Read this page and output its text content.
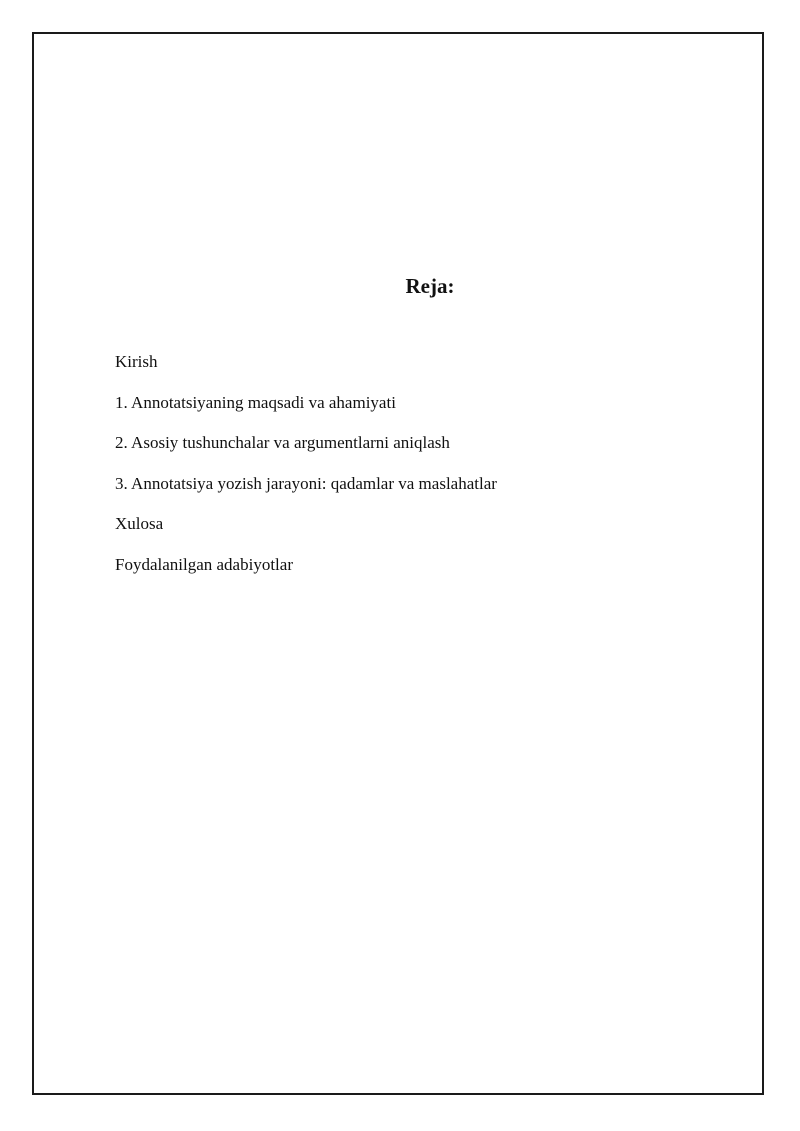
Reja:
Kirish
1. Annotatsiyaning maqsadi va ahamiyati
2. Asosiy tushunchalar va argumentlarni aniqlash
3. Annotatsiya yozish jarayoni: qadamlar va maslahatlar
Xulosa
Foydalanilgan adabiyotlar
